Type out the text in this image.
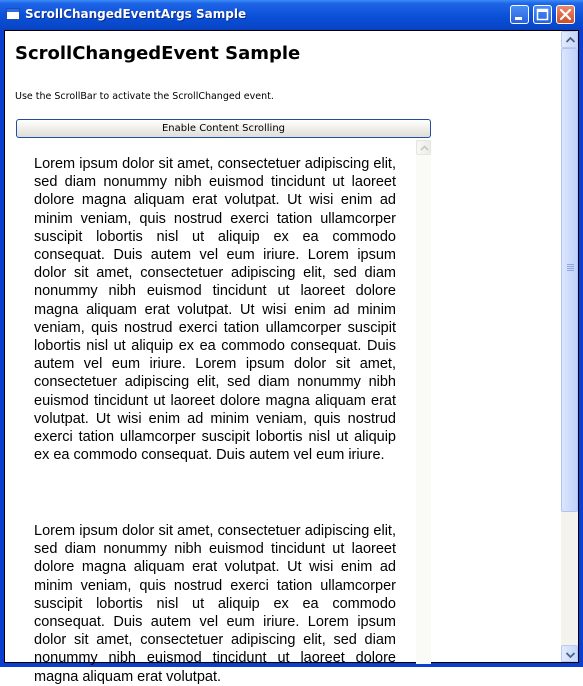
ScrollChangedEventArgs Sample
ScrollChangedEvent Sample
Use the ScrollBar to activate the ScrollChanged event.
Enable Content Scrolling

Lorem ipsum dolor sit amet, consectetuer adipiscing elit, sed diam nonummy nibh euismod tincidunt ut laoreet dolore magna aliquam erat volutpat. Ut wisi enim ad minim veniam, quis nostrud exerci tation ullamcorper suscipit lobortis nisl ut aliquip ex ea commodo consequat. Duis autem vel eum iriure. Lorem ipsum dolor sit amet, consectetuer adipiscing elit, sed diam nonummy nibh euismod tincidunt ut laoreet dolore magna aliquam erat volutpat. Ut wisi enim ad minim veniam, quis nostrud exerci tation ullamcorper suscipit lobortis nisl ut aliquip ex ea commodo consequat. Duis autem vel eum iriure. Lorem ipsum dolor sit amet, consectetuer adipiscing elit, sed diam nonummy nibh euismod tincidunt ut laoreet dolore magna aliquam erat volutpat. Ut wisi enim ad minim veniam, quis nostrud exerci tation ullamcorper suscipit lobortis nisl ut aliquip ex ea commodo consequat. Duis autem vel eum iriure.

Lorem ipsum dolor sit amet, consectetuer adipiscing elit, sed diam nonummy nibh euismod tincidunt ut laoreet dolore magna aliquam erat volutpat. Ut wisi enim ad minim veniam, quis nostrud exerci tation ullamcorper suscipit lobortis nisl ut aliquip ex ea commodo consequat. Duis autem vel eum iriure. Lorem ipsum dolor sit amet, consectetuer adipiscing elit, sed diam nonummy nibh euismod tincidunt ut laoreet dolore magna aliquam erat volutpat.
